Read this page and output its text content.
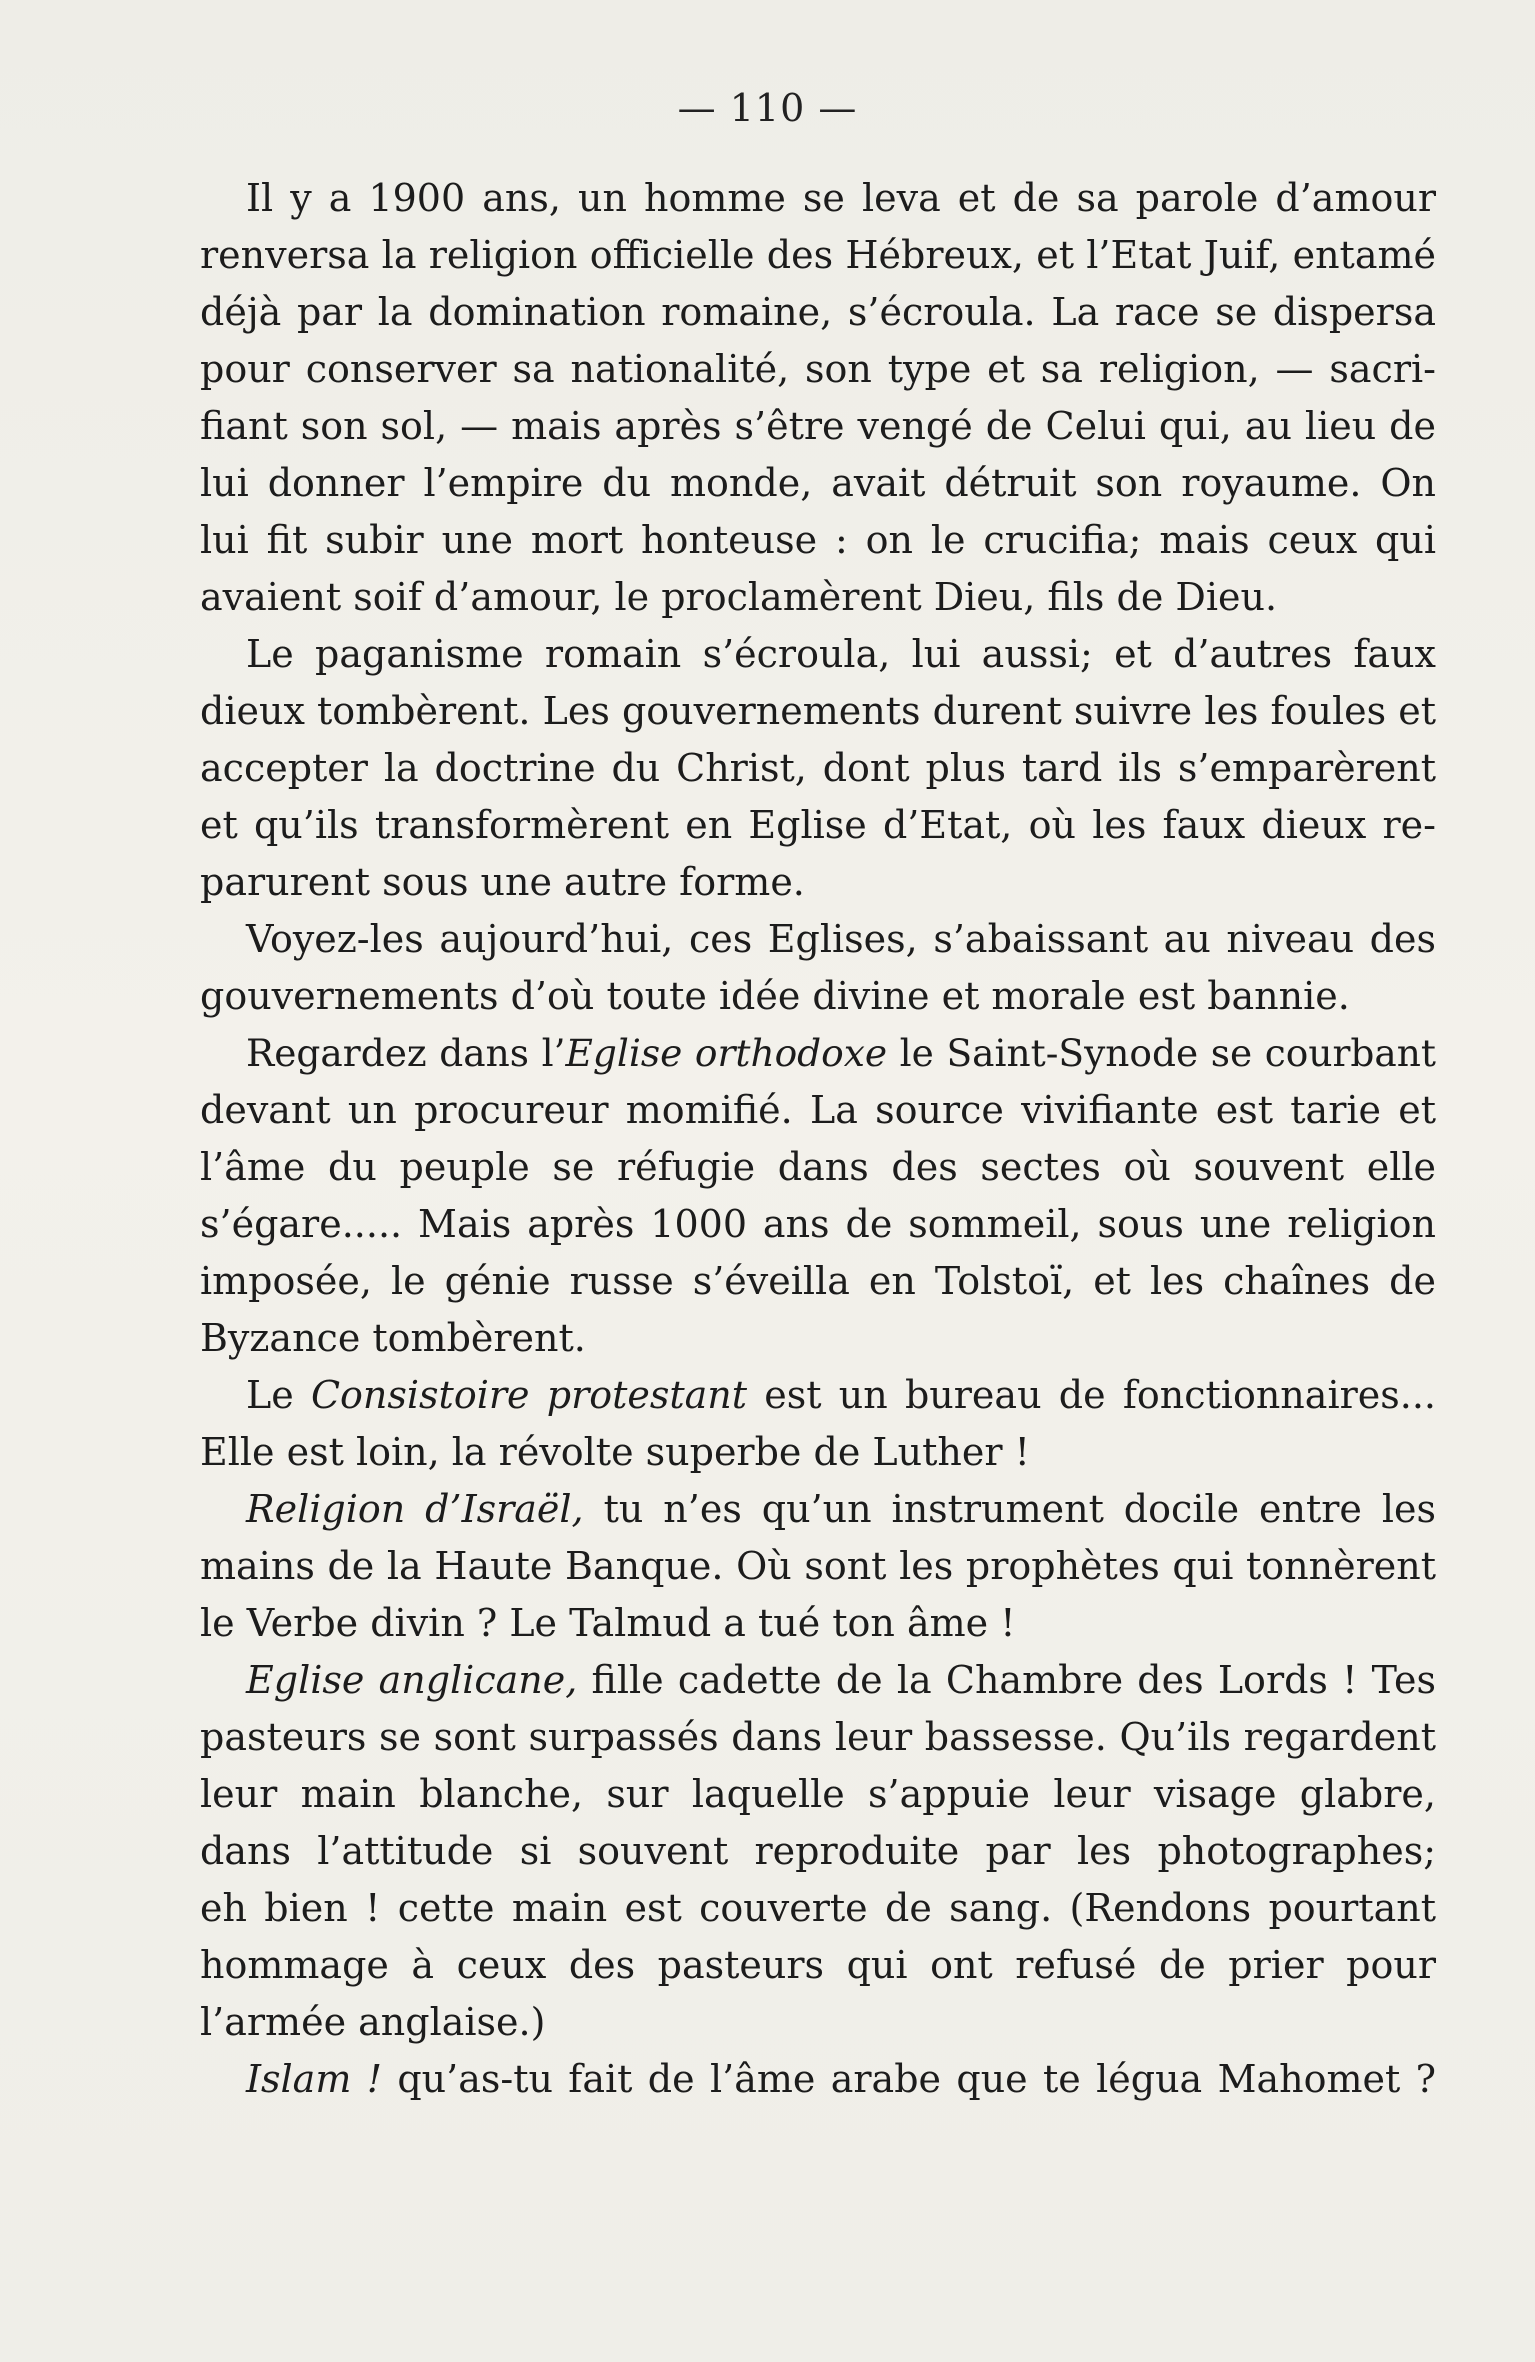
— 110 —
Il y a 1900 ans, un homme se leva et de sa parole d’amour
renversa la religion officielle des Hébreux, et l’Etat Juif, entamé
déjà par la domination romaine, s’écroula. La race se dispersa
pour conserver sa nationalité, son type et sa religion, — sacri-
fiant son sol, — mais après s’être vengé de Celui qui, au lieu de
lui donner l’empire du monde, avait détruit son royaume. On
lui fit subir une mort honteuse : on le crucifia; mais ceux qui
avaient soif d’amour, le proclamèrent Dieu, fils de Dieu.
Le paganisme romain s’écroula, lui aussi; et d’autres faux
dieux tombèrent. Les gouvernements durent suivre les foules et
accepter la doctrine du Christ, dont plus tard ils s’emparèrent
et qu’ils transformèrent en Eglise d’Etat, où les faux dieux re-
parurent sous une autre forme.
Voyez-les aujourd’hui, ces Eglises, s’abaissant au niveau des
gouvernements d’où toute idée divine et morale est bannie.
Regardez dans l’Eglise orthodoxe le Saint-Synode se courbant
devant un procureur momifié. La source vivifiante est tarie et
l’âme du peuple se réfugie dans des sectes où souvent elle
s’égare..... Mais après 1000 ans de sommeil, sous une religion
imposée, le génie russe s’éveilla en Tolstoï, et les chaînes de
Byzance tombèrent.
Le Consistoire protestant est un bureau de fonctionnaires...
Elle est loin, la révolte superbe de Luther !
Religion d’Israël, tu n’es qu’un instrument docile entre les
mains de la Haute Banque. Où sont les prophètes qui tonnèrent
le Verbe divin ? Le Talmud a tué ton âme !
Eglise anglicane, fille cadette de la Chambre des Lords ! Tes
pasteurs se sont surpassés dans leur bassesse. Qu’ils regardent
leur main blanche, sur laquelle s’appuie leur visage glabre,
dans l’attitude si souvent reproduite par les photographes;
eh bien ! cette main est couverte de sang. (Rendons pourtant
hommage à ceux des pasteurs qui ont refusé de prier pour
l’armée anglaise.)
Islam ! qu’as-tu fait de l’âme arabe que te légua Mahomet ?
